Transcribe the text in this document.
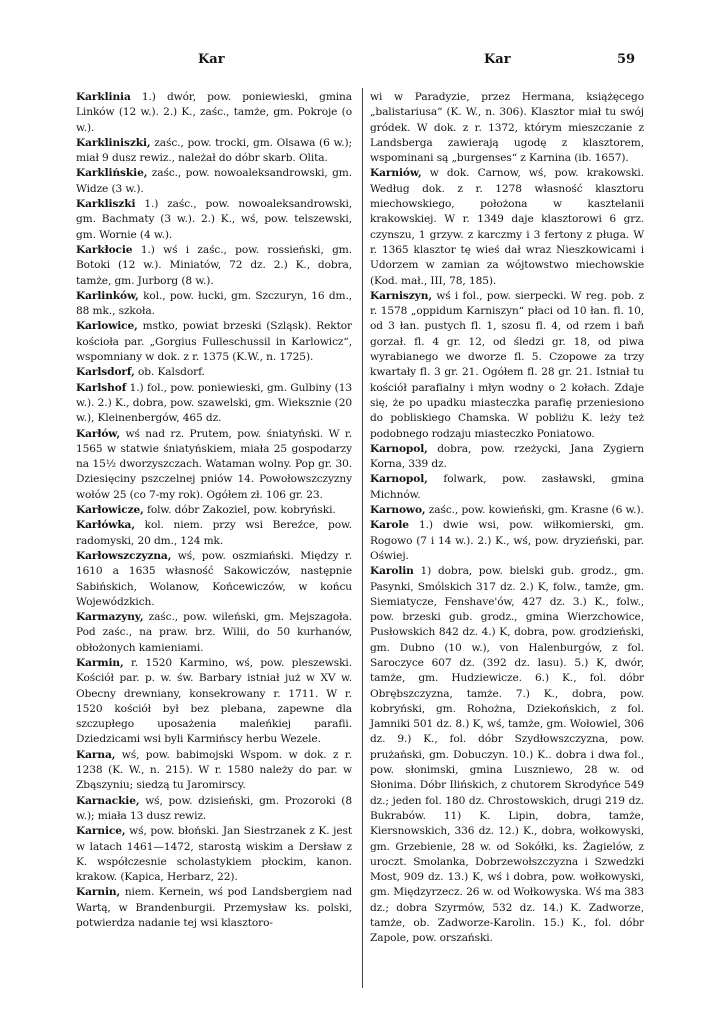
Kar	Kar	59

Karklinia 1.) dwór, pow. poniewieski, gmina Linków (12 w.). 2.) K., zaśc., tamże, gm. Pokroje (o w.).

Karkliniszki, zaśc., pow. trocki, gm. Olsawa (6 w.); miał 9 dusz rewiz., należał do dóbr skarb. Olita.

Karklińskie, zaśc., pow. nowoaleksandrowski, gm. Widze (3 w.).

Karkliszki 1.) zaśc., pow. nowoaleksandrowski, gm. Bachmaty (3 w.). 2.) K., wś, pow. telszewski, gm. Wornie (4 w.).

Karkłocie 1.) wś i zaśc., pow. rossieński, gm. Botoki (12 w.). Miniatów, 72 dz. 2.) K., dobra, tamże, gm. Jurborg (8 w.).

Karlinków, kol., pow. łucki, gm. Szczuryn, 16 dm., 88 mk., szkoła.

Karlowice, mstko, powiat brzeski (Szląsk). Rektor kościoła par. „Gorgius Fulleschussil in Karlowicz“, wspomniany w dok. z r. 1375 (K.W., n. 1725).

Karlsdorf, ob. Kalsdorf.

Karlshof 1.) fol., pow. poniewieski, gm. Gulbiny (13 w.). 2.) K., dobra, pow. szawelski, gm. Wieksznie (20 w.), Kleinenbergów, 465 dz.

Karłów, wś nad rz. Prutem, pow. śniatyński. W r. 1565 w statwie śniatyńskiem, miała 25 gospodarzy na 15½ dworzyszczach. Wataman wolny. Pop gr. 30. Dziesięciny pszczelnej pniów 14. Powołowszczyzny wołów 25 (co 7-my rok). Ogółem zł. 106 gr. 23.

Karłowicze, folw. dóbr Zakoziel, pow. kobryński.

Karłówka, kol. niem. przy wsi Bereźce, pow. radomyski, 20 dm., 124 mk.

Karłowszczyzna, wś, pow. oszmiański. Między r. 1610 a 1635 własność Sakowiczów, następnie Sabińskich, Wolanow, Końcewiczów, w końcu Wojewódzkich.

Karmazyny, zaśc., pow. wileński, gm. Mejszagoła. Pod zaśc., na praw. brz. Wilii, do 50 kurhanów, obłożonych kamieniami.

Karmin, r. 1520 Karmino, wś, pow. pleszewski. Kościół par. p. w. św. Barbary istniał już w XV w. Obecny drewniany, konsekrowany r. 1711. W r. 1520 kościół był bez plebana, zapewne dla szczupłego uposażenia maleńkiej parafii. Dziedzicami wsi byli Karmińscy herbu Wezele.

Karna, wś, pow. babimojski Wspom. w dok. z r. 1238 (K. W., n. 215). W r. 1580 należy do par. w Zbąszyniu; siedzą tu Jaromirscy.

Karnackie, wś, pow. dzisieński, gm. Prozoroki (8 w.); miała 13 dusz rewiz.

Karnice, wś, pow. błoński. Jan Siestrzanek z K. jest w latach 1461—1472, starostą wiskim a Dersław z K. współczesnie scholastykiem płockim, kanon. krakow. (Kapica, Herbarz, 22).

Karnin, niem. Kernein, wś pod Landsbergiem nad Wartą, w Brandenburgii. Przemysław ks. polski, potwierdza nadanie tej wsi klasztoro-

wi w Paradyzie, przez Hermana, książęcego „balistariusa“ (K. W., n. 306). Klasztor miał tu swój gródek. W dok. z r. 1372, którym mieszczanie z Landsberga zawierają ugodę z klasztorem, wspominani są „burgenses“ z Karnina (ib. 1657).

Karniów, w dok. Carnow, wś, pow. krakowski. Według dok. z r. 1278 własność klasztoru miechowskiego, położona w kasztelanii krakowskiej. W r. 1349 daje klasztorowi 6 grz. czynszu, 1 grzyw. z karczmy i 3 fertony z pługa. W r. 1365 klasztor tę wieś dał wraz Nieszkowicami i Udorzem w zamian za wójtowstwo miechowskie (Kod. mał., III, 78, 185).

Karniszyn, wś i fol., pow. sierpecki. W reg. pob. z r. 1578 „oppidum Karniszyn“ płaci od 10 łan. fl. 10, od 3 łan. pustych fl. 1, szosu fl. 4, od rzem i baň gorzał. fl. 4 gr. 12, od śledzi gr. 18, od piwa wyrabianego we dworze fl. 5. Czopowe za trzy kwartały fl. 3 gr. 21. Ogółem fl. 28 gr. 21. Istniał tu kościół parafialny i młyn wodny o 2 kołach. Zdaje się, że po upadku miasteczka parafię przeniesiono do pobliskiego Chamska. W pobliżu K. leży też podobnego rodzaju miasteczko Poniatowo.

Karnopol, dobra, pow. rzeżycki, Jana Zygiern Korna, 339 dz.

Karnopol, folwark, pow. zasławski, gmina Michnów.

Karnowo, zaśc., pow. kowieński, gm. Krasne (6 w.).

Karole 1.) dwie wsi, pow. wiłkomierski, gm. Rogowo (7 i 14 w.). 2.) K., wś, pow. dryzieński, par. Oświej.

Karolin 1) dobra, pow. bielski gub. grodz., gm. Pasynki, Smólskich 317 dz. 2.) K, folw., tamże, gm. Siemiatycze, Fenshave'ów, 427 dz. 3.) K., folw., pow. brzeski gub. grodz., gmina Wierzchowice, Pusłowskich 842 dz. 4.) K, dobra, pow. grodzieński, gm. Dubno (10 w.), von Halenburgów, z fol. Saroczyce 607 dz. (392 dz. lasu). 5.) K, dwór, tamże, gm. Hudziewicze. 6.) K., fol. dóbr Obrębszczyzna, tamże. 7.) K., dobra, pow. kobryński, gm. Rohożna, Dziekońskich, z fol. Jamniki 501 dz. 8.) K, wś, tamże, gm. Wołowiel, 306 dz. 9.) K., fol. dóbr Szydłowszczyzna, pow. prużański, gm. Dobuczyn. 10.) K.. dobra i dwa fol., pow. słonimski, gmina Luszniewo, 28 w. od Słonima. Dóbr Ilińskich, z chutorem Skrodyńce 549 dz.; jeden fol. 180 dz. Chrostowskich, drugi 219 dz. Bukrabów. 11) K. Lipin, dobra, tamże, Kiersnowskich, 336 dz. 12.) K., dobra, wołkowyski, gm. Grzebienie, 28 w. od Sokółki, ks. Żagielów, z uroczt. Smolanka, Dobrzewołszczyzna i Szwedzki Most, 909 dz. 13.) K, wś i dobra, pow. wołkowyski, gm. Międzyrzecz. 26 w. od Wołkowyska. Wś ma 383 dz.; dobra Szyrmów, 532 dz. 14.) K. Zadworze, tamże, ob. Zadworze-Karolin. 15.) K., fol. dóbr Zapole, pow. orszański.
